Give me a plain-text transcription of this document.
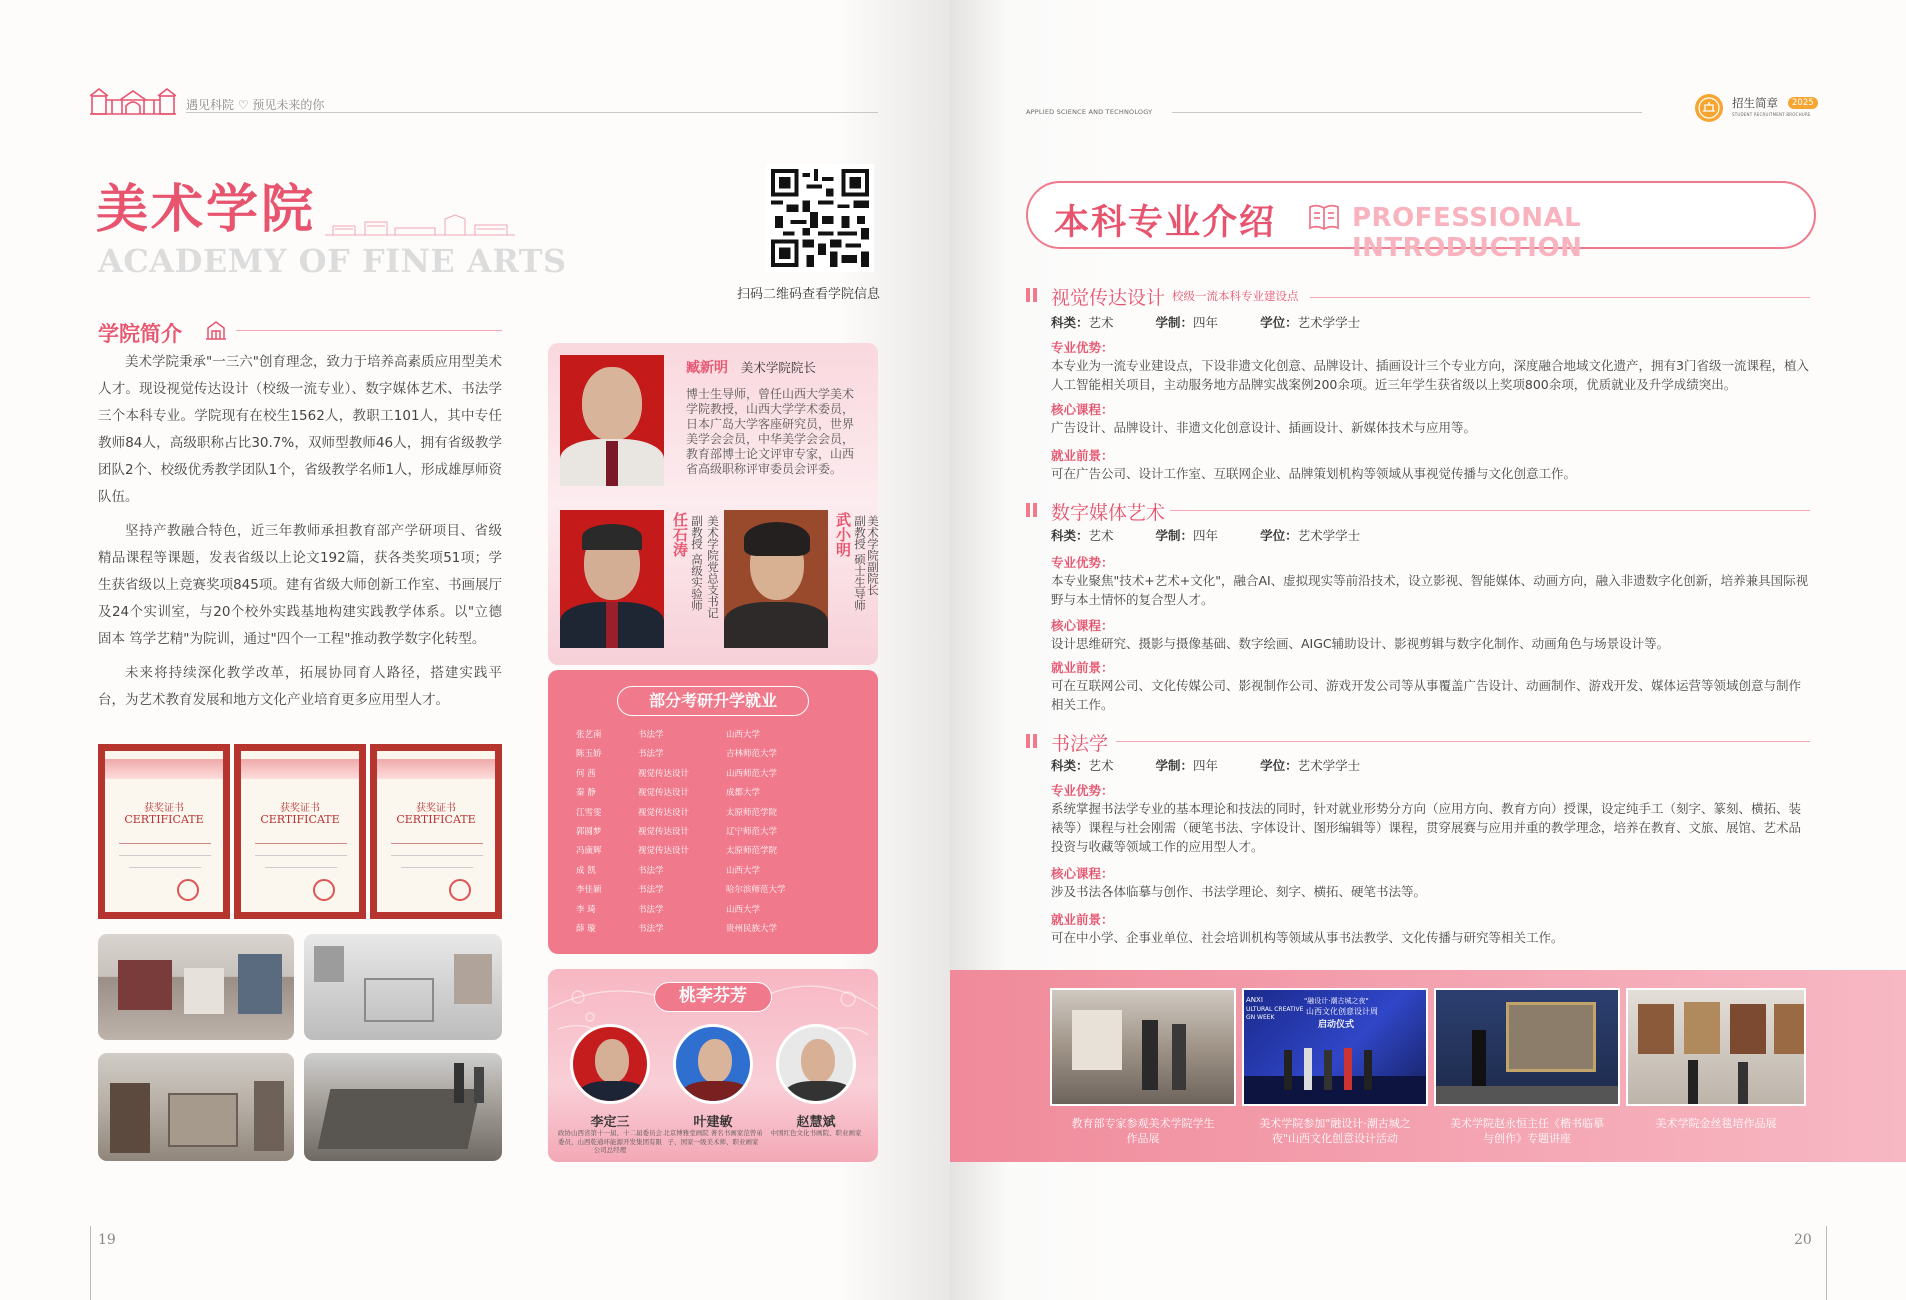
遇见科院 ♡ 预见未来的你
美术学院
ACADEMY OF FINE ARTS
扫码二维码查看学院信息
学院简介

美术学院秉承"一三六"创育理念，致力于培养高素质应用型美术人才。现设视觉传达设计（校级一流专业）、数字媒体艺术、书法学三个本科专业。学院现有在校生1562人，教职工101人，其中专任教师84人，高级职称占比30.7%，双师型教师46人，拥有省级教学团队2个、校级优秀教学团队1个，省级教学名师1人，形成雄厚师资队伍。

坚持产教融合特色，近三年教师承担教育部产学研项目、省级精品课程等课题，发表省级以上论文192篇，获各类奖项51项；学生获省级以上竞赛奖项845项。建有省级大师创新工作室、书画展厅及24个实训室，与20个校外实践基地构建实践教学体系。以"立德固本 笃学艺精"为院训，通过"四个一工程"推动教学数字化转型。

未来将持续深化教学改革，拓展协同育人路径，搭建实践平台，为艺术教育发展和地方文化产业培育更多应用型人才。

获奖证书
CERTIFICATE
获奖证书
CERTIFICATE
获奖证书
CERTIFICATE
臧新明 美术学院院长
博士生导师，曾任山西大学美术学院教授，山西大学学术委员，日本广岛大学客座研究员，世界美学会会员，中华美学会会员，教育部博士论文评审专家，山西省高级职称评审委员会评委。
任石涛 副教授 高级实验师 美术学院党总支书记	武小明 副教授 硕士生导师 美术学院副院长
部分考研升学就业
张艺南	书法学	山西大学
陈玉娇	书法学	吉林师范大学
何 茜	视觉传达设计	山西师范大学
秦 静	视觉传达设计	成都大学
江雪雯	视觉传达设计	太原师范学院
郭圆梦	视觉传达设计	辽宁师范大学
冯康辉	视觉传达设计	太原师范学院
成 凯	书法学	山西大学
李佳颖	书法学	哈尔滨师范大学
李 琦	书法学	山西大学
薛 璇	书法学	贵州民族大学
桃李芬芳
李定三
政协山西省第十一届、十二届委员会委员，山西乾通环能源开发集团有限公司总经理
叶建敏
北京博雅堂画院 著名书画家范曾弟子、国家一级美术师、职业画家
赵慧斌
中国红色文化书画院、职业画家
19
APPLIED SCIENCE AND TECHNOLOGY
招生简章	2025
STUDENT RECRUITMENT BROCHURE
本科专业介绍	PROFESSIONAL INTRODUCTION
视觉传达设计 校级一流本科专业建设点
科类：艺术	学制：四年	学位：艺术学学士
专业优势：
本专业为一流专业建设点，下设非遗文化创意、品牌设计、插画设计三个专业方向，深度融合地域文化遗产，拥有3门省级一流课程，植入人工智能相关项目，主动服务地方品牌实战案例200余项。近三年学生获省级以上奖项800余项，优质就业及升学成绩突出。
核心课程：
广告设计、品牌设计、非遗文化创意设计、插画设计、新媒体技术与应用等。
就业前景：
可在广告公司、设计工作室、互联网企业、品牌策划机构等领域从事视觉传播与文化创意工作。
数字媒体艺术
科类：艺术	学制：四年	学位：艺术学学士
专业优势：
本专业聚焦"技术+艺术+文化"，融合AI、虚拟现实等前沿技术，设立影视、智能媒体、动画方向，融入非遗数字化创新，培养兼具国际视野与本土情怀的复合型人才。
核心课程：
设计思维研究、摄影与摄像基础、数字绘画、AIGC辅助设计、影视剪辑与数字化制作、动画角色与场景设计等。
就业前景：
可在互联网公司、文化传媒公司、影视制作公司、游戏开发公司等从事覆盖广告设计、动画制作、游戏开发、媒体运营等领域创意与制作相关工作。
书法学
科类：艺术	学制：四年	学位：艺术学学士
专业优势：
系统掌握书法学专业的基本理论和技法的同时，针对就业形势分方向（应用方向、教育方向）授课，设定纯手工（刻字、篆刻、横拓、装裱等）课程与社会刚需（硬笔书法、字体设计、图形编辑等）课程，贯穿展赛与应用并重的教学理念，培养在教育、文旅、展馆、艺术品投资与收藏等领域工作的应用型人才。
核心课程：
涉及书法各体临摹与创作、书法学理论、刻字、横拓、硬笔书法等。
就业前景：
可在中小学、企事业单位、社会培训机构等领域从事书法教学、文化传播与研究等相关工作。
"融设计·潮古城之夜"
山西文化创意设计周
启动仪式
ANXI
ULTURAL CREATIVE
GN WEEK
教育部专家参观美术学院学生作品展
美术学院参加"融设计·潮古城之夜"山西文化创意设计活动
美术学院赵永恒主任《楷书临摹与创作》专题讲座
美术学院金丝毯培作品展
20
